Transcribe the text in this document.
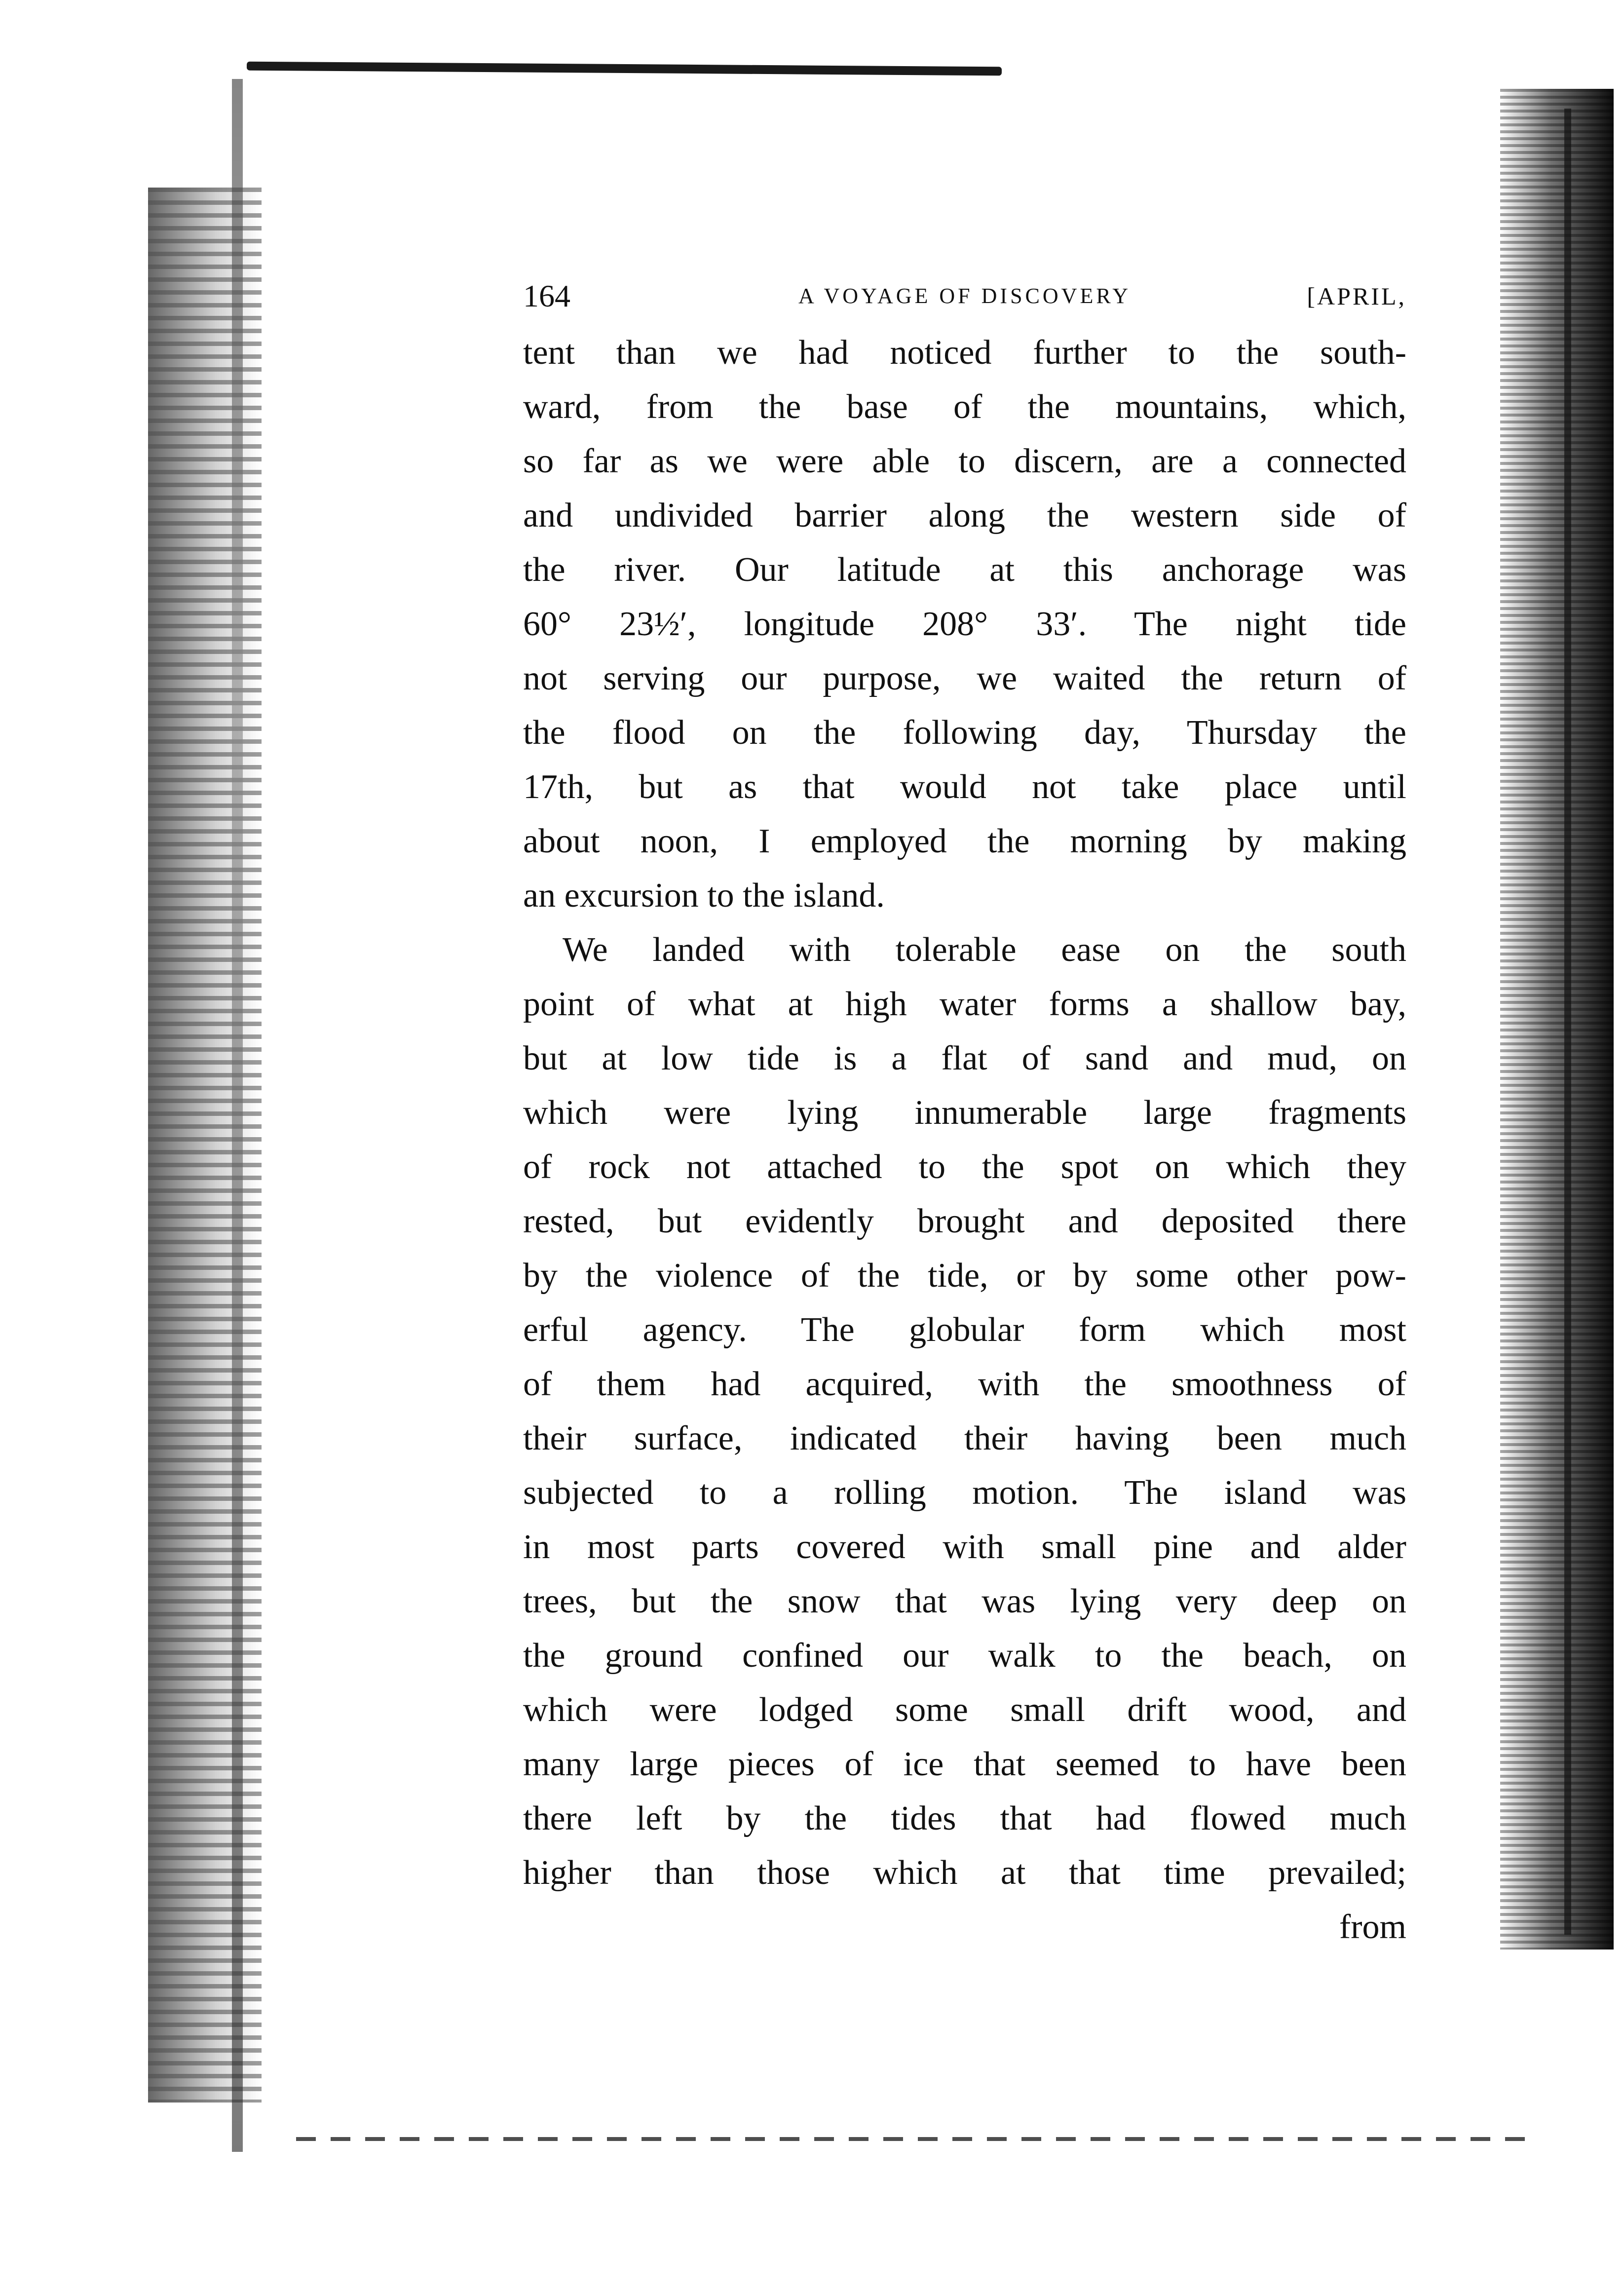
164	A VOYAGE OF DISCOVERY	[APRIL,
tent than we had noticed further to the south-
ward, from the base of the mountains, which,
so far as we were able to discern, are a connected
and undivided barrier along the western side of
the river. Our latitude at this anchorage was
60° 23½′, longitude 208° 33′. The night tide
not serving our purpose, we waited the return of
the flood on the following day, Thursday the
17th, but as that would not take place until
about noon, I employed the morning by making
an excursion to the island.
We landed with tolerable ease on the south
point of what at high water forms a shallow bay,
but at low tide is a flat of sand and mud, on
which were lying innumerable large fragments
of rock not attached to the spot on which they
rested, but evidently brought and deposited there
by the violence of the tide, or by some other pow-
erful agency. The globular form which most
of them had acquired, with the smoothness of
their surface, indicated their having been much
subjected to a rolling motion. The island was
in most parts covered with small pine and alder
trees, but the snow that was lying very deep on
the ground confined our walk to the beach, on
which were lodged some small drift wood, and
many large pieces of ice that seemed to have been
there left by the tides that had flowed much
higher than those which at that time prevailed;
from
